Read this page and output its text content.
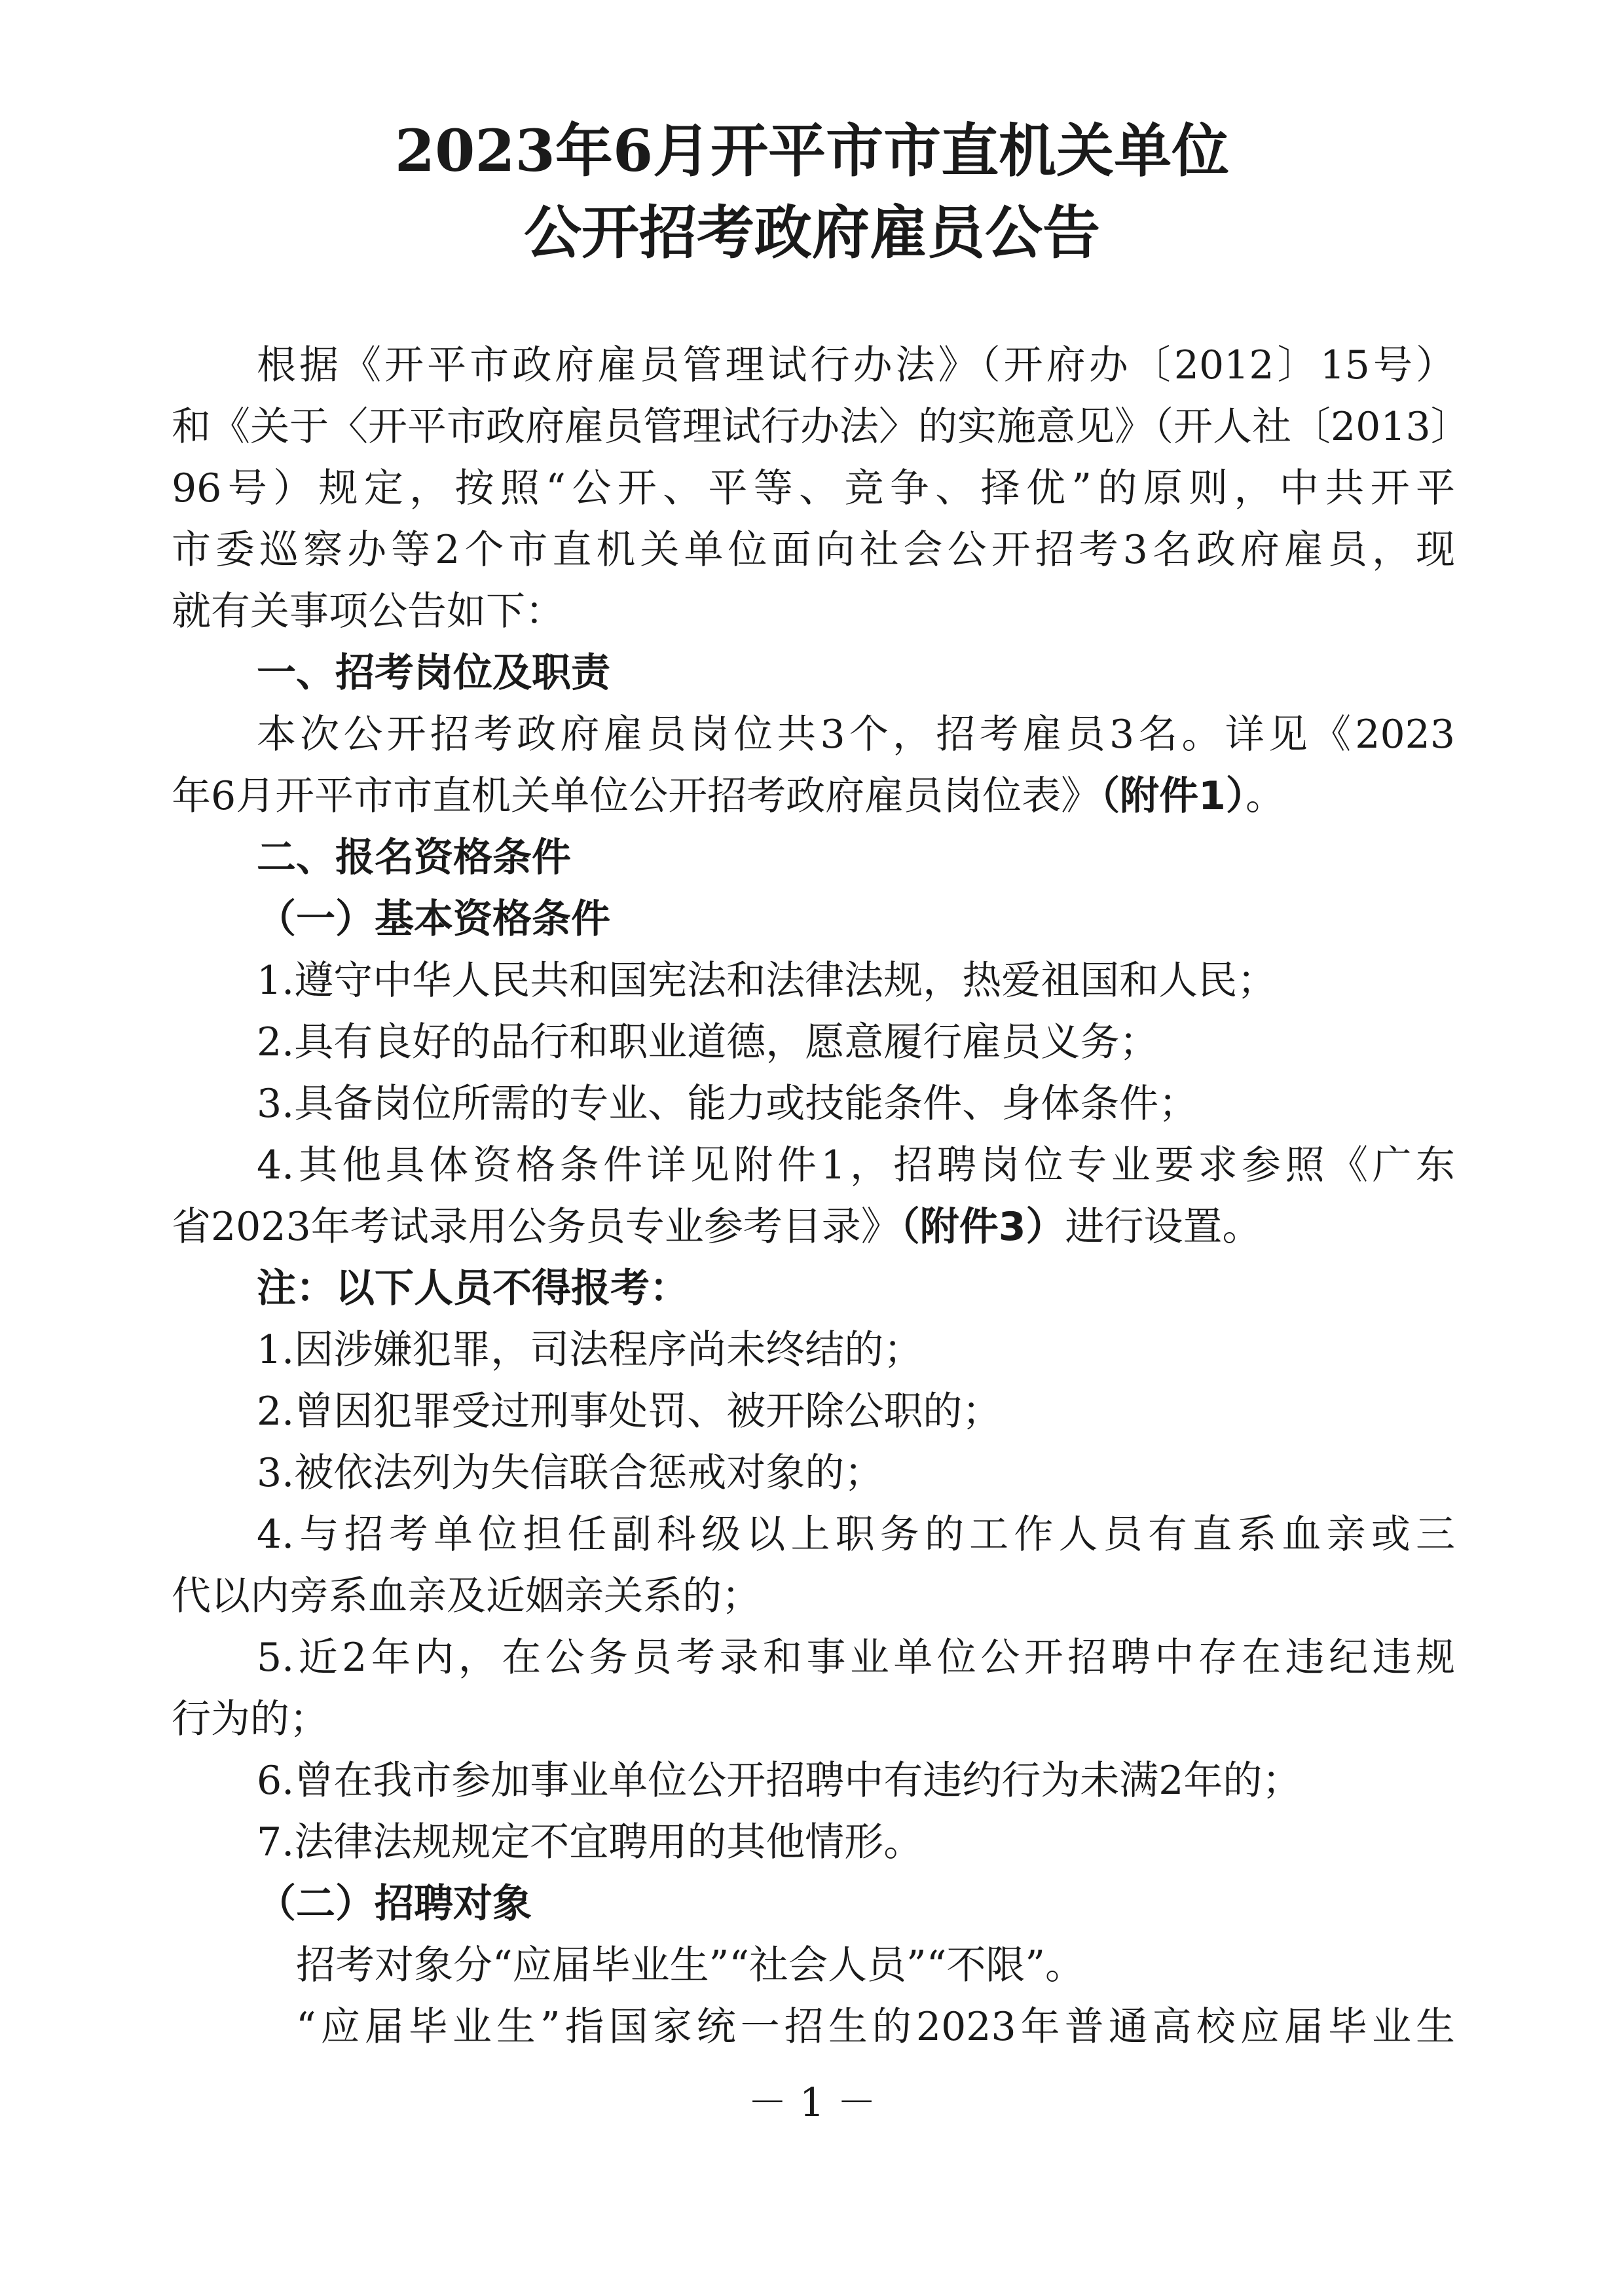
2023年6月开平市市直机关单位
公开招考政府雇员公告
根据《开平市政府雇员管理试行办法》（开府办〔2012〕15号）
和《关于〈开平市政府雇员管理试行办法〉的实施意见》（开人社〔2013〕
96号）规定，按照“公开、平等、竞争、择优”的原则，中共开平
市委巡察办等2个市直机关单位面向社会公开招考3名政府雇员，现
就有关事项公告如下：
一、招考岗位及职责
本次公开招考政府雇员岗位共3个，招考雇员3名。详见《2023
年6月开平市市直机关单位公开招考政府雇员岗位表》（附件1）。
二、报名资格条件
（一）基本资格条件
1.遵守中华人民共和国宪法和法律法规，热爱祖国和人民；
2.具有良好的品行和职业道德，愿意履行雇员义务；
3.具备岗位所需的专业、能力或技能条件、身体条件；
4.其他具体资格条件详见附件1，招聘岗位专业要求参照《广东
省2023年考试录用公务员专业参考目录》（附件3）进行设置。
注：以下人员不得报考：
1.因涉嫌犯罪，司法程序尚未终结的；
2.曾因犯罪受过刑事处罚、被开除公职的；
3.被依法列为失信联合惩戒对象的；
4.与招考单位担任副科级以上职务的工作人员有直系血亲或三
代以内旁系血亲及近姻亲关系的；
5.近2年内，在公务员考录和事业单位公开招聘中存在违纪违规
行为的；
6.曾在我市参加事业单位公开招聘中有违约行为未满2年的；
7.法律法规规定不宜聘用的其他情形。
（二）招聘对象
招考对象分“应届毕业生”“社会人员”“不限”。
“应届毕业生”指国家统一招生的2023年普通高校应届毕业生
－ 1 －
